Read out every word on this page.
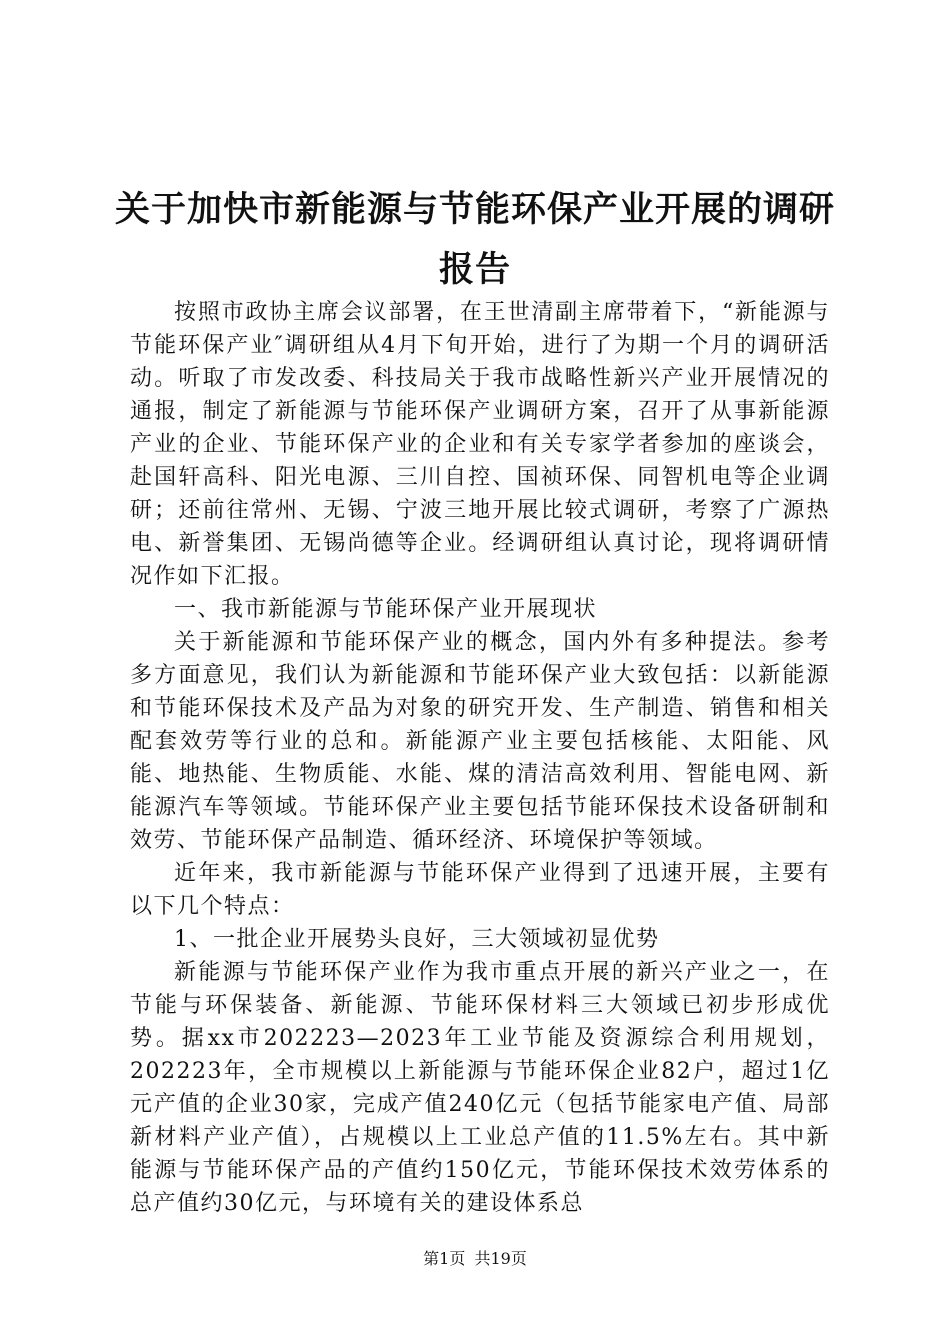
关于加快市新能源与节能环保产业开展的调研报告

按照市政协主席会议部署，在王世清副主席带着下，“新能源与节能环保产业″调研组从4月下旬开始，进行了为期一个月的调研活动。听取了市发改委、科技局关于我市战略性新兴产业开展情况的通报，制定了新能源与节能环保产业调研方案，召开了从事新能源产业的企业、节能环保产业的企业和有关专家学者参加的座谈会，赴国轩高科、阳光电源、三川自控、国祯环保、同智机电等企业调研；还前往常州、无锡、宁波三地开展比较式调研，考察了广源热电、新誉集团、无锡尚德等企业。经调研组认真讨论，现将调研情况作如下汇报。

一、我市新能源与节能环保产业开展现状

关于新能源和节能环保产业的概念，国内外有多种提法。参考多方面意见，我们认为新能源和节能环保产业大致包括：以新能源和节能环保技术及产品为对象的研究开发、生产制造、销售和相关配套效劳等行业的总和。新能源产业主要包括核能、太阳能、风能、地热能、生物质能、水能、煤的清洁高效利用、智能电网、新能源汽车等领域。节能环保产业主要包括节能环保技术设备研制和效劳、节能环保产品制造、循环经济、环境保护等领域。

近年来，我市新能源与节能环保产业得到了迅速开展，主要有以下几个特点：

1、一批企业开展势头良好，三大领域初显优势

新能源与节能环保产业作为我市重点开展的新兴产业之一，在节能与环保装备、新能源、节能环保材料三大领域已初步形成优势。据xx市202223—2023年工业节能及资源综合利用规划，202223年，全市规模以上新能源与节能环保企业82户，超过1亿元产值的企业30家，完成产值240亿元（包括节能家电产值、局部新材料产业产值），占规模以上工业总产值的11.5%左右。其中新能源与节能环保产品的产值约150亿元，节能环保技术效劳体系的总产值约30亿元，与环境有关的建设体系总

第1页 共19页
